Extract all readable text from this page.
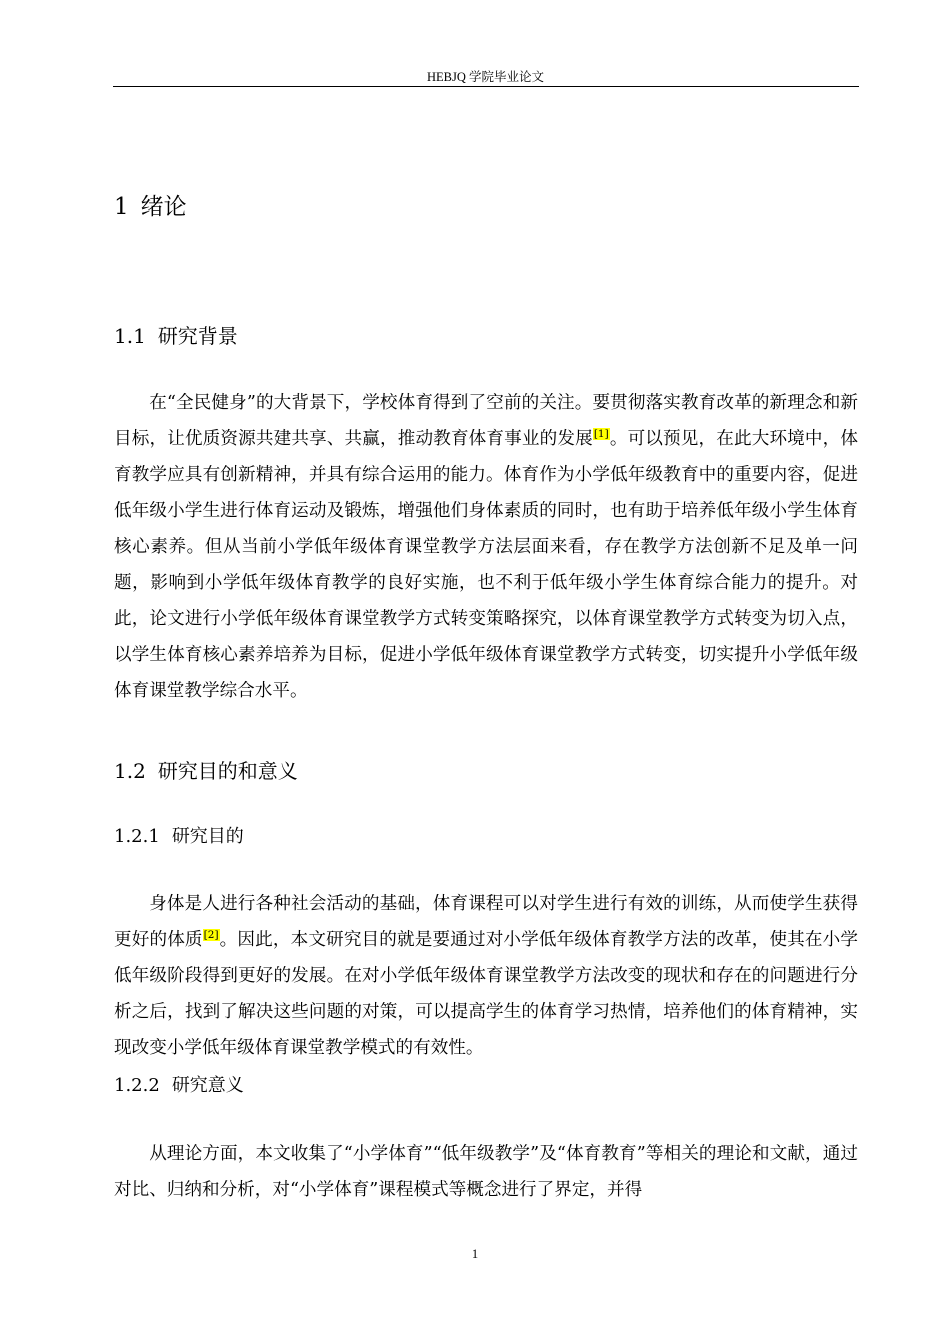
HEBJQ 学院毕业论文
1 绪论
1.1 研究背景

在“全民健身”的大背景下，学校体育得到了空前的关注。要贯彻落实教育改革的新理念和新目标，让优质资源共建共享、共赢，推动教育体育事业的发展[1]。可以预见，在此大环境中，体育教学应具有创新精神，并具有综合运用的能力。体育作为小学低年级教育中的重要内容，促进低年级小学生进行体育运动及锻炼，增强他们身体素质的同时，也有助于培养低年级小学生体育核心素养。但从当前小学低年级体育课堂教学方法层面来看，存在教学方法创新不足及单一问题，影响到小学低年级体育教学的良好实施，也不利于低年级小学生体育综合能力的提升。对此，论文进行小学低年级体育课堂教学方式转变策略探究，以体育课堂教学方式转变为切入点，以学生体育核心素养培养为目标，促进小学低年级体育课堂教学方式转变，切实提升小学低年级体育课堂教学综合水平。

1.2 研究目的和意义
1.2.1 研究目的

身体是人进行各种社会活动的基础，体育课程可以对学生进行有效的训练，从而使学生获得更好的体质[2]。因此，本文研究目的就是要通过对小学低年级体育教学方法的改革，使其在小学低年级阶段得到更好的发展。在对小学低年级体育课堂教学方法改变的现状和存在的问题进行分析之后，找到了解决这些问题的对策，可以提高学生的体育学习热情，培养他们的体育精神，实现改变小学低年级体育课堂教学模式的有效性。

1.2.2 研究意义

从理论方面，本文收集了“小学体育”“低年级教学”及“体育教育”等相关的理论和文献，通过对比、归纳和分析，对“小学体育”课程模式等概念进行了界定，并得

1
